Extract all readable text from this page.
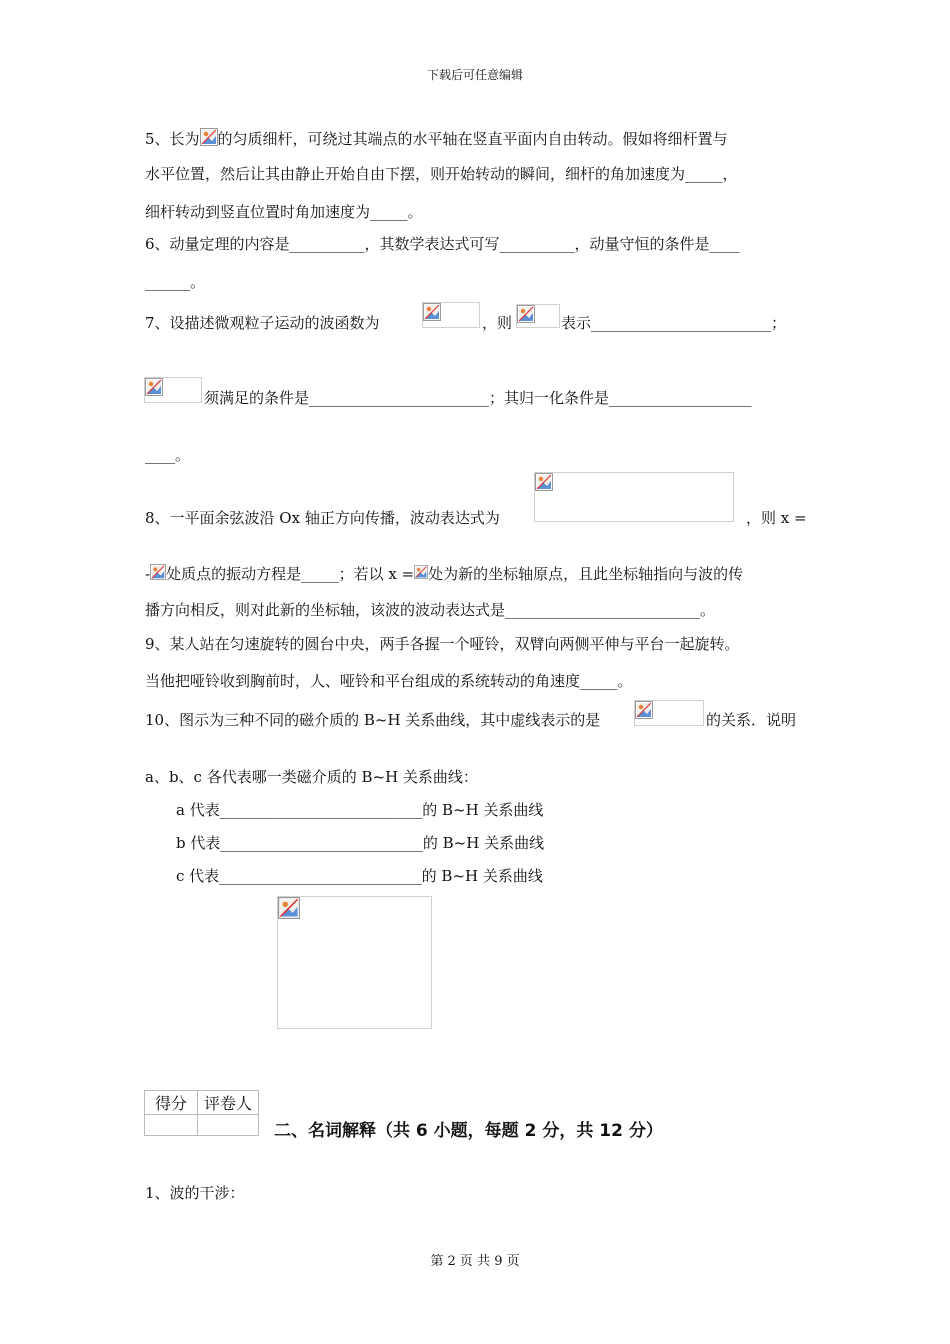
下载后可任意编辑
5、长为 的匀质细杆，可绕过其端点的水平轴在竖直平面内自由转动。假如将细杆置与
水平位置，然后让其由静止开始自由下摆，则开始转动的瞬间，细杆的角加速度为_____，
细杆转动到竖直位置时角加速度为_____。
6、动量定理的内容是__________，其数学表达式可写__________，动量守恒的条件是____
______。
7、设描述微观粒子运动的波函数为	，则	表示________________________；
须满足的条件是________________________；其归一化条件是___________________
____。
8、一平面余弦波沿 Ox 轴正方向传播，波动表达式为	，则 x =
- 处质点的振动方程是_____；若以 x = 处为新的坐标轴原点，且此坐标轴指向与波的传
播方向相反，则对此新的坐标轴，该波的波动表达式是__________________________。
9、某人站在匀速旋转的圆台中央，两手各握一个哑铃，双臂向两侧平伸与平台一起旋转。
当他把哑铃收到胸前时，人、哑铃和平台组成的系统转动的角速度_____。
10、图示为三种不同的磁介质的 B~H 关系曲线，其中虚线表示的是	的关系．说明
a、b、c 各代表哪一类磁介质的 B~H 关系曲线：
a 代表___________________________的 B~H 关系曲线
b 代表___________________________的 B~H 关系曲线
c 代表___________________________的 B~H 关系曲线
得分	评卷人

二、名词解释（共 6 小题，每题 2 分，共 12 分）
1、波的干涉：
第 2 页 共 9 页
